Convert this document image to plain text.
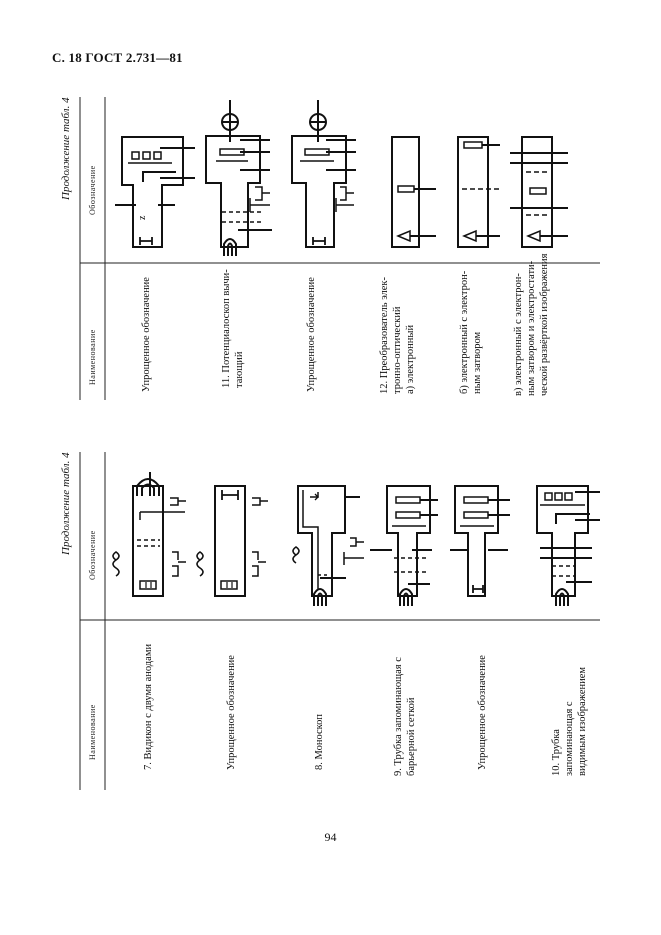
С. 18 ГОСТ 2.731—81
Продолжение табл. 4 Обозначение
Наименование	Упрощенное обозначение	11. Потенциалоскоп вычи- тающий	Упрощенное обозначение	12. Преобразователь элек- тронно-оптический а) электронный	б) электронный с электрон- ным затвором	в) электронный с электрон- ным затвором и электростати- ческой развёрткой изображения
Продолжение табл. 4
Обозначение
Наименование	7. Видикон с двумя анодами	Упрощенное обозначение	8. Моноскоп	9. Трубка запоминающая с барьерной сеткой	Упрощенное обозначение	10. Трубка запоминающая с видимым изображением
z
94
